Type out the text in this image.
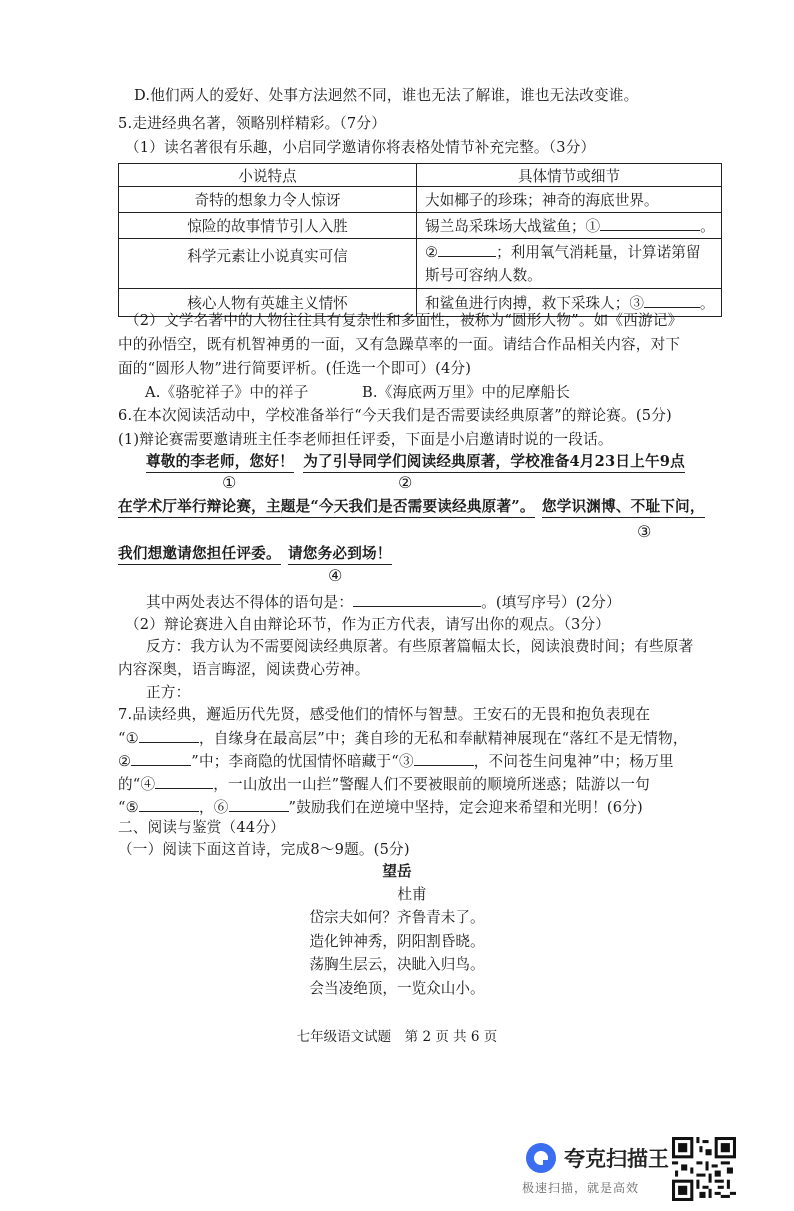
D.他们两人的爱好、处事方法迥然不同，谁也无法了解谁，谁也无法改变谁。
5.走进经典名著，领略别样精彩。（7分）
（1）读名著很有乐趣，小启同学邀请你将表格处情节补充完整。（3分）
小说特点	具体情节或细节
奇特的想象力令人惊讶	大如椰子的珍珠；神奇的海底世界。
惊险的故事情节引人入胜	锡兰岛采珠场大战鲨鱼；① 。
科学元素让小说真实可信	② ；利用氧气消耗量，计算诺第留
斯号可容纳人数。
核心人物有英雄主义情怀	和鲨鱼进行肉搏，救下采珠人；③ 。
（2）文学名著中的人物往往具有复杂性和多面性，被称为“圆形人物”。如《西游记》
中的孙悟空，既有机智神勇的一面，又有急躁草率的一面。请结合作品相关内容，对下
面的“圆形人物”进行简要评析。(任选一个即可）(4分)
A.《骆驼祥子》中的祥子	B.《海底两万里》中的尼摩船长
6.在本次阅读活动中，学校准备举行“今天我们是否需要读经典原著”的辩论赛。(5分)
(1)辩论赛需要邀请班主任李老师担任评委，下面是小启邀请时说的一段话。
尊敬的李老师，您好！ 为了引导同学们阅读经典原著，学校准备4月23日上午9点
①	②
在学术厅举行辩论赛，主题是“今天我们是否需要读经典原著”。 您学识渊博、不耻下问，
③
我们想邀请您担任评委。 请您务必到场！
④
其中两处表达不得体的语句是：	。(填写序号）(2分）
（2）辩论赛进入自由辩论环节，作为正方代表，请写出你的观点。（3分）
反方：我方认为不需要阅读经典原著。有些原著篇幅太长，阅读浪费时间；有些原著
内容深奥，语言晦涩，阅读费心劳神。
正方：
7.品读经典，邂逅历代先贤，感受他们的情怀与智慧。王安石的无畏和抱负表现在
“①	，自缘身在最高层”中；龚自珍的无私和奉献精神展现在“落红不是无情物，
②	”中；李商隐的忧国情怀暗藏于“③	，不问苍生问鬼神”中；杨万里
的“④	，一山放出一山拦”警醒人们不要被眼前的顺境所迷惑；陆游以一句
“⑤	，⑥	”鼓励我们在逆境中坚持，定会迎来希望和光明！(6分)
二、阅读与鉴赏（44分）
（一）阅读下面这首诗，完成8～9题。(5分)
望岳
杜甫
岱宗夫如何？齐鲁青未了。
造化钟神秀，阴阳割昏晓。
荡胸生层云，决眦入归鸟。
会当凌绝顶，一览众山小。
七年级语文试题　第 2 页 共 6 页
夸克扫描王
极速扫描，就是高效
